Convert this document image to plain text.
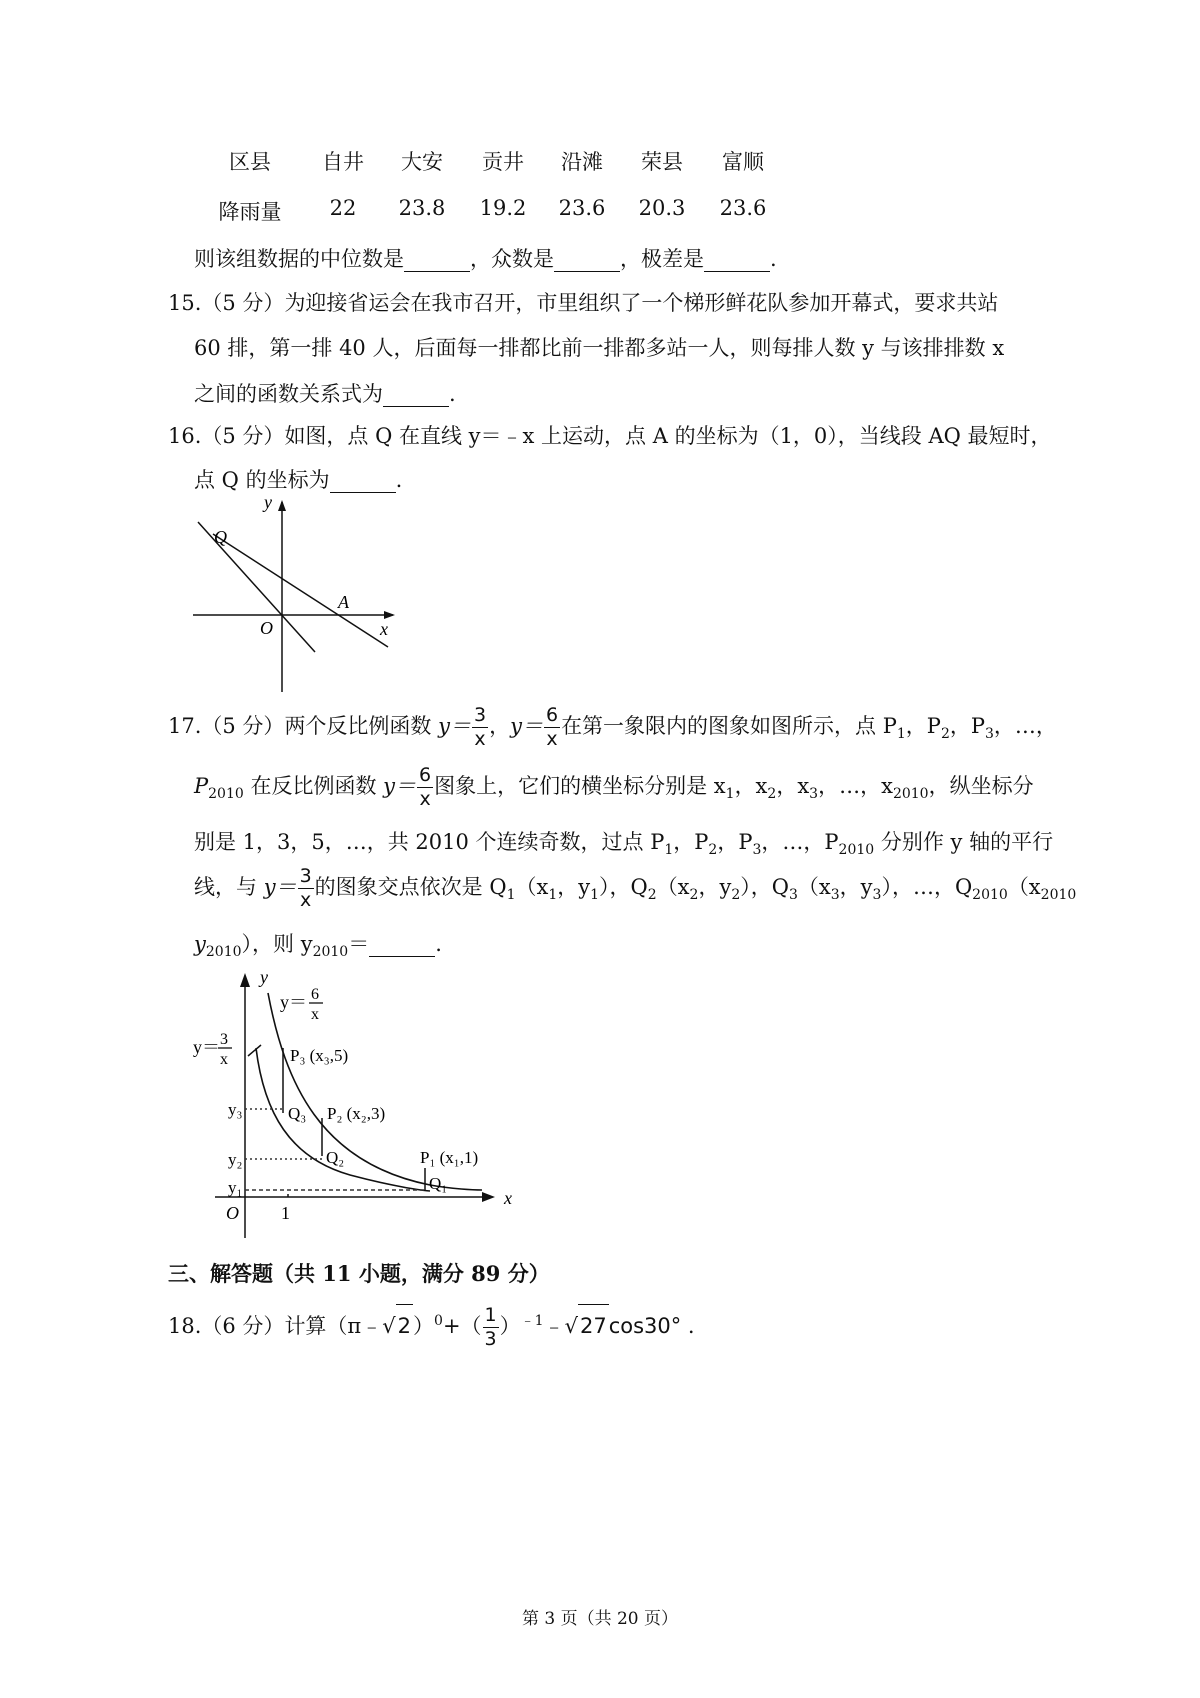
区县	自井	大安	贡井	沿滩	荣县	富顺
降雨量	22	23.8	19.2	23.6	20.3	23.6
则该组数据的中位数是	，众数是	，极差是	.
15.（5 分）为迎接省运会在我市召开，市里组织了一个梯形鲜花队参加开幕式，要求共站
60 排，第一排 40 人，后面每一排都比前一排都多站一人，则每排人数 y 与该排排数 x
之间的函数关系式为	.
16.（5 分）如图，点 Q 在直线 y＝﹣x 上运动，点 A 的坐标为（1，0），当线段 AQ 最短时，
点 Q 的坐标为	.
y
x
O
Q
A
17.（5 分）两个反比例函数 $y= \frac{3}{x}$ ，$y= \frac{6}{x}$ 在第一象限内的图象如图所示，点 $P_1$，$P_2$，$P_3$，…，
$P_{2010}$ 在反比例函数 $y= \frac{6}{x}$ 图象上，它们的横坐标分别是 $x_1$，$x_2$，$x_3$，…，$x_{2010}$，纵坐标分
别是 1，3，5，…，共 2010 个连续奇数，过点 $P_1$，$P_2$，$P_3$，…，$P_{2010}$ 分别作 y 轴的平行
线，与 $y= \frac{3}{x}$ 的图象交点依次是 $Q_1(x_1$，$y_1$），$Q_2(x_2$，$y_2$），$Q_3(x_3$，$y_3$），…，$Q_{2010}(x_{2010}$
$y_{2010}$），则 $y_{2010}=$	.
y
x
O 1
y＝ 6
x
y＝ 3
x	P₃ (x₃,5)
P₂ (x₂,3)
P₁ (x₁,1)
Q₃
Q₂
Q₁
y₃
y₂
y₁
三、解答题（共 11 小题，满分 89 分）
18.（6 分）计算（π﹣√2）$^0$+（ $\frac{1}{3}$ ）$^{﹣1}$﹣√27cos30° .
第 3 页（共 20 页）
